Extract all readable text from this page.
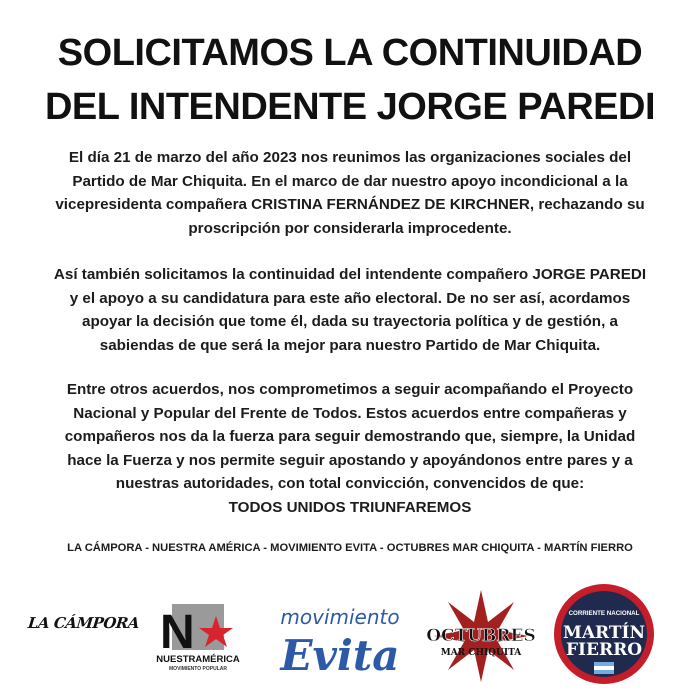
SOLICITAMOS LA CONTINUIDAD
DEL INTENDENTE JORGE PAREDI
El día 21 de marzo del año 2023 nos reunimos las organizaciones sociales del
Partido de Mar Chiquita. En el marco de dar nuestro apoyo incondicional a la
vicepresidenta compañera CRISTINA FERNÁNDEZ DE KIRCHNER, rechazando su
proscripción por considerarla improcedente.
Así también solicitamos la continuidad del intendente compañero JORGE PAREDI
y el apoyo a su candidatura para este año electoral. De no ser así, acordamos
apoyar la decisión que tome él, dada su trayectoria política y de gestión, a
sabiendas de que será la mejor para nuestro Partido de Mar Chiquita.
Entre otros acuerdos, nos comprometimos a seguir acompañando el Proyecto
Nacional y Popular del Frente de Todos. Estos acuerdos entre compañeras y
compañeros nos da la fuerza para seguir demostrando que, siempre, la Unidad
hace la Fuerza y nos permite seguir apostando y apoyándonos entre pares y a
nuestras autoridades, con total convicción, convencidos de que:
TODOS UNIDOS TRIUNFAREMOS
LA CÁMPORA - NUESTRA AMÉRICA - MOVIMIENTO EVITA - OCTUBRES MAR CHIQUITA - MARTÍN FIERRO
LA CÁMPORA N
NUESTRAMÉRICA
MOVIMIENTO POPULAR
movimiento
Evita OCTUBRES
MAR CHIQUITA
CORRIENTE NACIONAL
MARTÍN
FIERRO
